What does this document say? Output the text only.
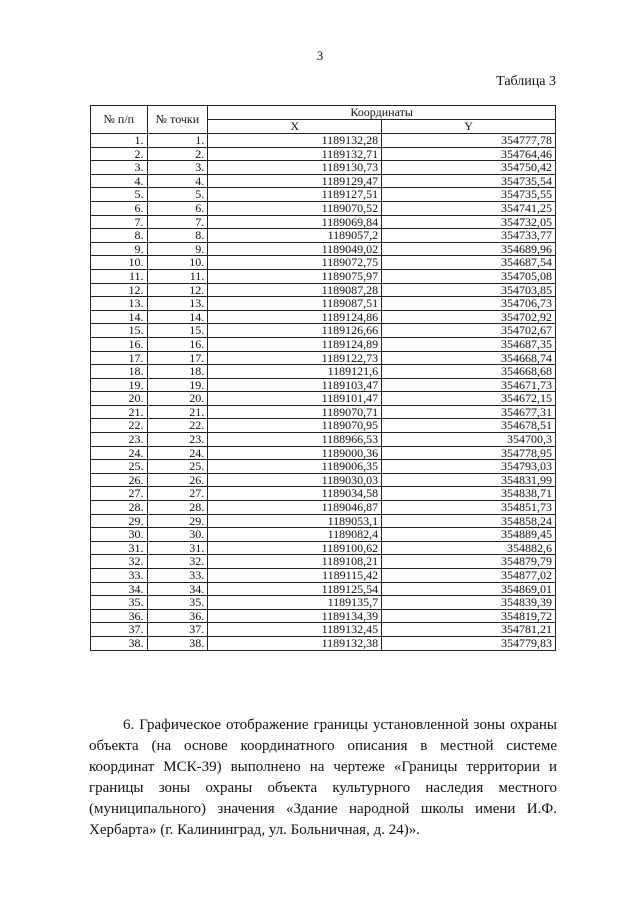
3
Таблица 3
№ п/п	№ точки	Координаты	
		X	Y
1.	1.	1189132,28	354777,78
2.	2.	1189132,71	354764,46
3.	3.	1189130,73	354750,42
4.	4.	1189129,47	354735,54
5.	5.	1189127,51	354735,55
6.	6.	1189070,52	354741,25
7.	7.	1189069,84	354732,05
8.	8.	1189057,2	354733,77
9.	9.	1189049,02	354689,96
10.	10.	1189072,75	354687,54
11.	11.	1189075,97	354705,08
12.	12.	1189087,28	354703,85
13.	13.	1189087,51	354706,73
14.	14.	1189124,86	354702,92
15.	15.	1189126,66	354702,67
16.	16.	1189124,89	354687,35
17.	17.	1189122,73	354668,74
18.	18.	1189121,6	354668,68
19.	19.	1189103,47	354671,73
20.	20.	1189101,47	354672,15
21.	21.	1189070,71	354677,31
22.	22.	1189070,95	354678,51
23.	23.	1188966,53	354700,3
24.	24.	1189000,36	354778,95
25.	25.	1189006,35	354793,03
26.	26.	1189030,03	354831,99
27.	27.	1189034,58	354838,71
28.	28.	1189046,87	354851,73
29.	29.	1189053,1	354858,24
30.	30.	1189082,4	354889,45
31.	31.	1189100,62	354882,6
32.	32.	1189108,21	354879,79
33.	33.	1189115,42	354877,02
34.	34.	1189125,54	354869,01
35.	35.	1189135,7	354839,39
36.	36.	1189134,39	354819,72
37.	37.	1189132,45	354781,21
38.	38.	1189132,38	354779,83

6. Графическое отображение границы установленной зоны охраны объекта (на основе координатного описания в местной системе координат МСК-39) выполнено на чертеже «Границы территории и границы зоны охраны объекта культурного наследия местного (муниципального) значения «Здание народной школы имени И.Ф. Хербарта» (г. Калининград, ул. Больничная, д. 24)».
